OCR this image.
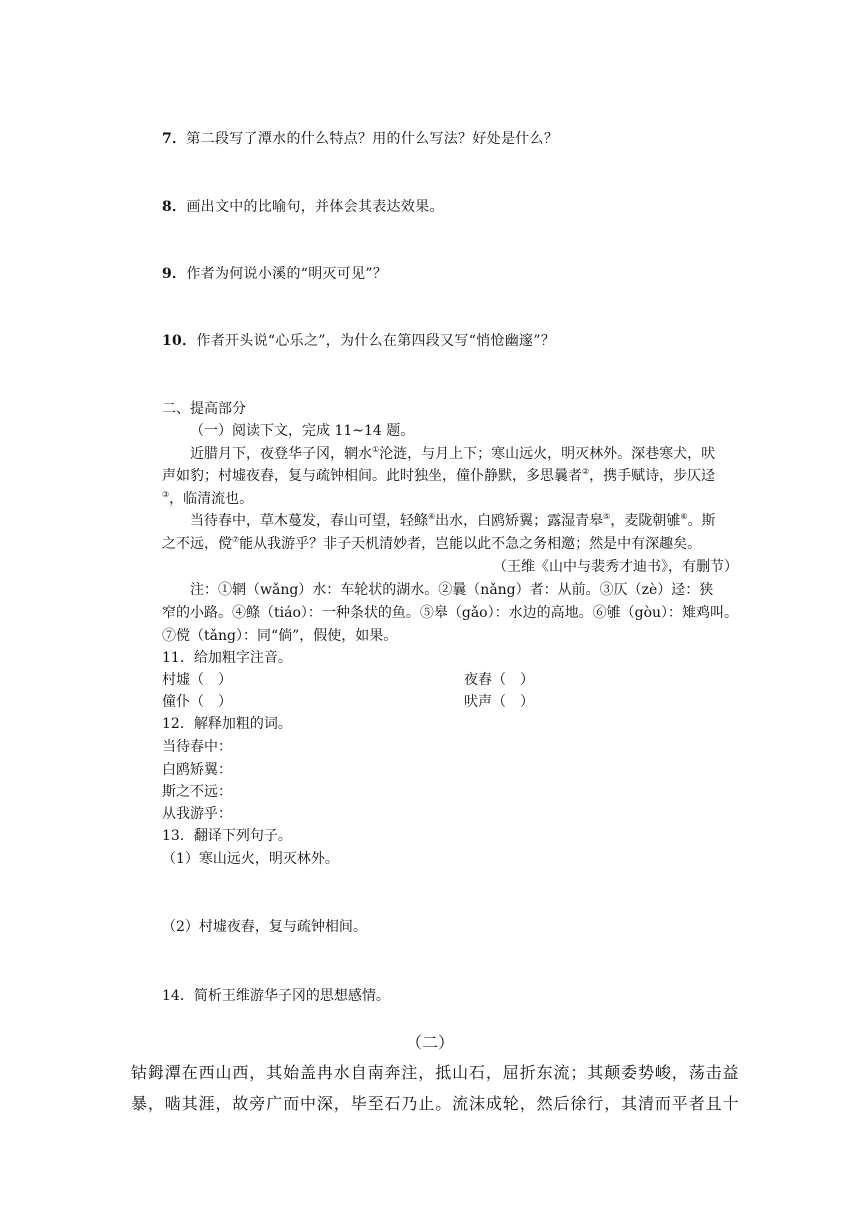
7．第二段写了潭水的什么特点？用的什么写法？好处是什么？
8．画出文中的比喻句，并体会其表达效果。
9．作者为何说小溪的“明灭可见”？
10．作者开头说“心乐之”，为什么在第四段又写“悄怆幽邃”？
二、提高部分
（一）阅读下文，完成 11~14 题。
近腊月下，夜登华子冈，辋水①沦涟，与月上下；寒山远火，明灭林外。深巷寒犬，吠
声如豹；村墟夜舂，复与疏钟相间。此时独坐，僮仆静默，多思曩者②，携手赋诗，步仄迳
③，临清流也。
当待春中，草木蔓发，春山可望，轻鲦④出水，白鸥矫翼；露湿青皋⑤，麦陇朝雊⑥。斯
之不远，傥⑦能从我游乎？非子天机清妙者，岂能以此不急之务相邀；然是中有深趣矣。
（王维《山中与裴秀才迪书》，有删节）
注：①辋（wǎng）水：车轮状的湖水。②曩（nǎng）者：从前。③仄（zè）迳：狭
窄的小路。④鲦（tiáo）：一种条状的鱼。⑤皋（gǎo）：水边的高地。⑥雊（gòu）：雉鸡叫。
⑦傥（tǎng）：同“倘”，假使，如果。
11．给加粗字注音。
村墟（　）	夜舂（　）
僮仆（　）	吠声（　）
12．解释加粗的词。
当待春中：
白鸥矫翼：
斯之不远：
从我游乎：
13．翻译下列句子。
（1）寒山远火，明灭林外。
（2）村墟夜舂，复与疏钟相间。
14．简析王维游华子冈的思想感情。
（二）
钴鉧潭在西山西，其始盖冉水自南奔注，抵山石，屈折东流；其颠委势峻，荡击益
暴，啮其涯，故旁广而中深，毕至石乃止。流沫成轮，然后徐行，其清而平者且十
